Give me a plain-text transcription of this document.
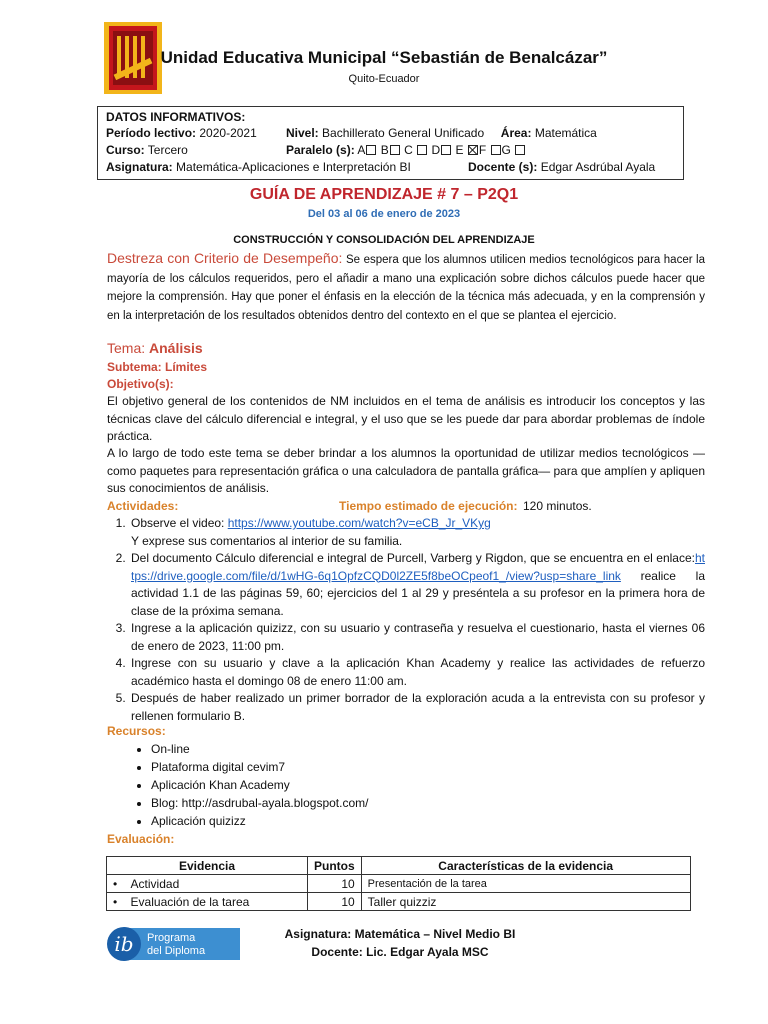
Unidad Educativa Municipal “Sebastián de Benalcázar”
Quito-Ecuador
DATOS INFORMATIVOS:
Período lectivo: 2020-2021 Nivel: Bachillerato General Unificado Área: Matemática
Curso: Tercero	Paralelo (s): A B C D E F G
Asignatura: Matemática-Aplicaciones e Interpretación BI	Docente (s): Edgar Asdrúbal Ayala
GUÍA DE APRENDIZAJE # 7 – P2Q1
Del 03 al 06 de enero de 2023
CONSTRUCCIÓN Y CONSOLIDACIÓN DEL APRENDIZAJE
Destreza con Criterio de Desempeño: Se espera que los alumnos utilicen medios tecnológicos para hacer la mayoría de los cálculos requeridos, pero el añadir a mano una explicación sobre dichos cálculos puede hacer que mejore la comprensión. Hay que poner el énfasis en la elección de la técnica más adecuada, y en la comprensión y en la interpretación de los resultados obtenidos dentro del contexto en el que se plantea el ejercicio.
Tema: Análisis
Subtema: Límites
Objetivo(s):
El objetivo general de los contenidos de NM incluidos en el tema de análisis es introducir los conceptos y las técnicas clave del cálculo diferencial e integral, y el uso que se les puede dar para abordar problemas de índole práctica.
A lo largo de todo este tema se deber brindar a los alumnos la oportunidad de utilizar medios tecnológicos —como paquetes para representación gráfica o una calculadora de pantalla gráfica— para que amplíen y apliquen sus conocimientos de análisis.
Actividades:	Tiempo estimado de ejecución: 120 minutos.
1. Observe el video: https://www.youtube.com/watch?v=eCB_Jr_VKyg
Y exprese sus comentarios al interior de su familia.
2. Del documento Cálculo diferencial e integral de Purcell, Varberg y Rigdon, que se encuentra en el enlace:https://drive.google.com/file/d/1wHG-6q1OpfzCQD0l2ZE5f8beOCpeof1_/view?usp=share_link realice la actividad 1.1 de las páginas 59, 60; ejercicios del 1 al 29 y preséntela a su profesor en la primera hora de clase de la próxima semana.
3. Ingrese a la aplicación quizizz, con su usuario y contraseña y resuelva el cuestionario, hasta el viernes 06 de enero de 2023, 11:00 pm.
4. Ingrese con su usuario y clave a la aplicación Khan Academy y realice las actividades de refuerzo académico hasta el domingo 08 de enero 11:00 am.
5. Después de haber realizado un primer borrador de la exploración acuda a la entrevista con su profesor y rellenen formulario B.
Recursos:
• On-line
• Plataforma digital cevim7
• Aplicación Khan Academy
• Blog: http://asdrubal-ayala.blogspot.com/
• Aplicación quizizz
Evaluación:
Evidencia	Puntos	Características de la evidencia
•    Actividad	10	Presentación de la tarea
•    Evaluación de la tarea	10	Taller quizziz
ib Programa
del Diploma
Asignatura: Matemática – Nivel Medio BI
Docente: Lic. Edgar Ayala MSC
